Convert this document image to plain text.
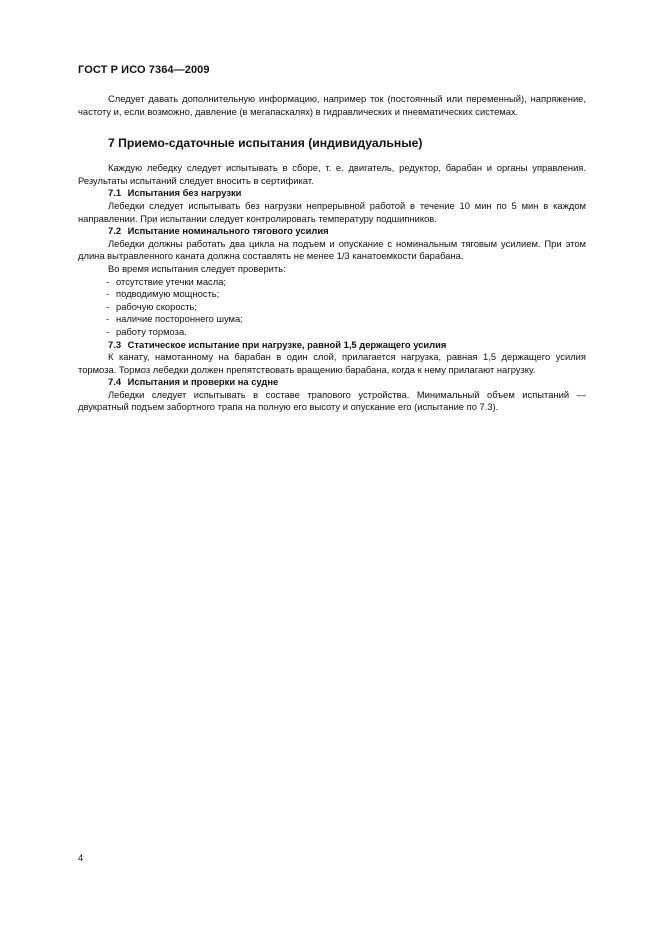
ГОСТ Р ИСО 7364—2009

Следует давать дополнительную информацию, например ток (постоянный или переменный), напряжение, частоту и, если возможно, давление (в мегапаскалях) в гидравлических и пневматических системах.

7 Приемо-сдаточные испытания (индивидуальные)

Каждую лебедку следует испытывать в сборе, т. е. двигатель, редуктор, барабан и органы управления. Результаты испытаний следует вносить в сертификат.

7.1 Испытания без нагрузки

Лебедки следует испытывать без нагрузки непрерывной работой в течение 10 мин по 5 мин в каждом направлении. При испытании следует контролировать температуру подшипников.

7.2 Испытание номинального тягового усилия

Лебедки должны работать два цикла на подъем и опускание с номинальным тяговым усилием. При этом длина вытравленного каната должна составлять не менее 1/3 канатоемкости барабана.

Во время испытания следует проверить:

- отсутствие утечки масла;
- подводимую мощность;
- рабочую скорость;
- наличие постороннего шума;
- работу тормоза.
7.3 Статическое испытание при нагрузке, равной 1,5 держащего усилия

К канату, намотанному на барабан в один слой, прилагается нагрузка, равная 1,5 держащего усилия тормоза. Тормоз лебедки должен препятствовать вращению барабана, когда к нему прилагают нагрузку.

7.4 Испытания и проверки на судне

Лебедки следует испытывать в составе трапового устройства. Минимальный объем испытаний — двукратный подъем забортного трапа на полную его высоту и опускание его (испытание по 7.3).

4
